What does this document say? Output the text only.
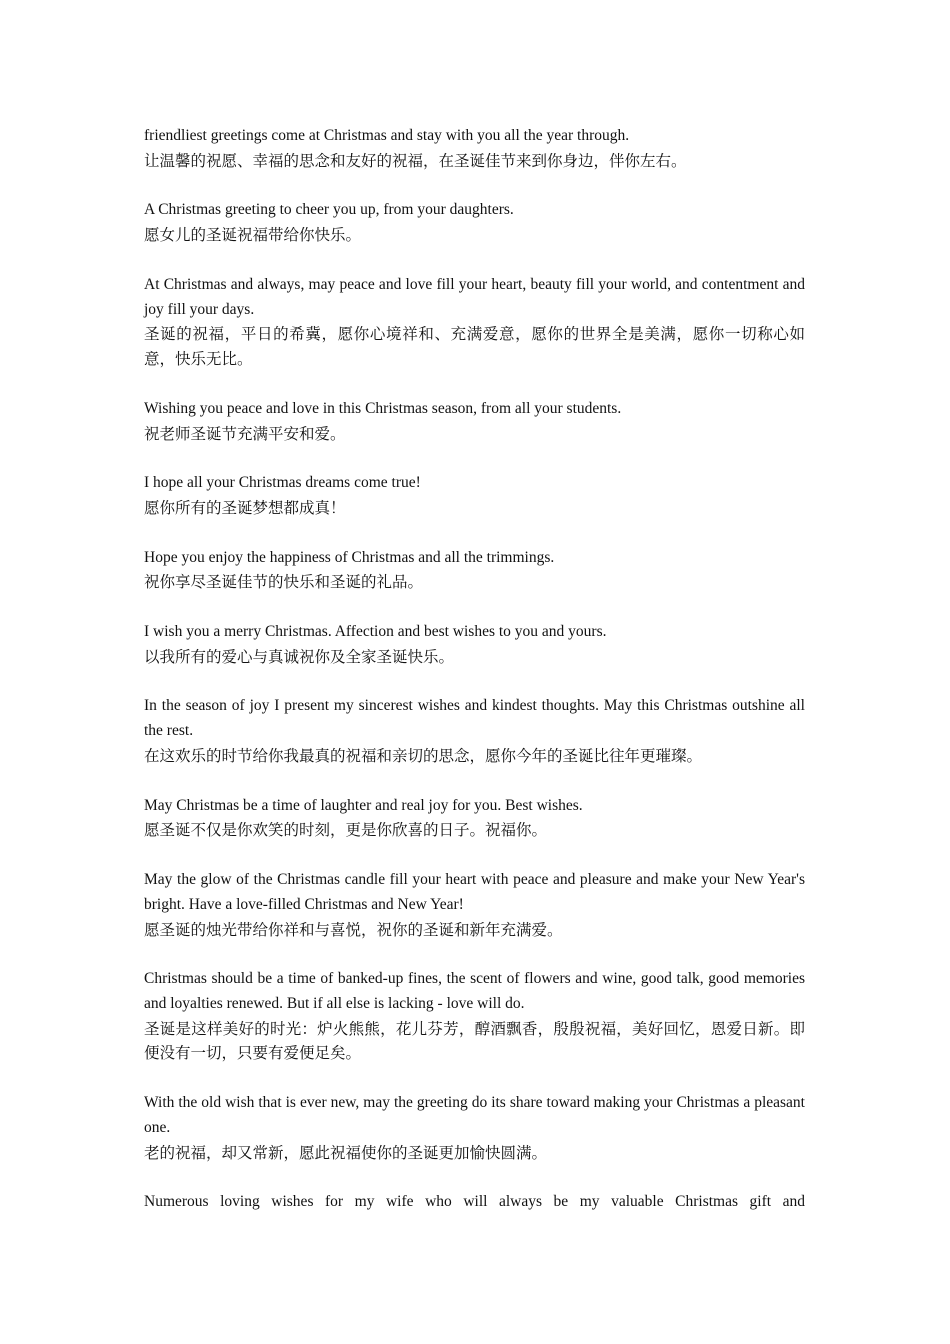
friendliest greetings come at Christmas and stay with you all the year through.

让温馨的祝愿、幸福的思念和友好的祝福，在圣诞佳节来到你身边，伴你左右。

A Christmas greeting to cheer you up, from your daughters.

愿女儿的圣诞祝福带给你快乐。

At Christmas and always, may peace and love fill your heart, beauty fill your world, and contentment and joy fill your days.

圣诞的祝福，平日的希冀，愿你心境祥和、充满爱意，愿你的世界全是美满，愿你一切称心如意，快乐无比。

Wishing you peace and love in this Christmas season, from all your students.

祝老师圣诞节充满平安和爱。

I hope all your Christmas dreams come true!

愿你所有的圣诞梦想都成真！

Hope you enjoy the happiness of Christmas and all the trimmings.

祝你享尽圣诞佳节的快乐和圣诞的礼品。

I wish you a merry Christmas. Affection and best wishes to you and yours.

以我所有的爱心与真诚祝你及全家圣诞快乐。

In the season of joy I present my sincerest wishes and kindest thoughts. May this Christmas outshine all the rest.

在这欢乐的时节给你我最真的祝福和亲切的思念，愿你今年的圣诞比往年更璀璨。

May Christmas be a time of laughter and real joy for you. Best wishes.

愿圣诞不仅是你欢笑的时刻，更是你欣喜的日子。祝福你。

May the glow of the Christmas candle fill your heart with peace and pleasure and make your New Year's bright. Have a love-filled Christmas and New Year!

愿圣诞的烛光带给你祥和与喜悦，祝你的圣诞和新年充满爱。

Christmas should be a time of banked-up fines, the scent of flowers and wine, good talk, good memories and loyalties renewed. But if all else is lacking - love will do.

圣诞是这样美好的时光：炉火熊熊，花儿芬芳，醇酒飘香，殷殷祝福，美好回忆，恩爱日新。即便没有一切，只要有爱便足矣。

With the old wish that is ever new, may the greeting do its share toward making your Christmas a pleasant one.

老的祝福，却又常新，愿此祝福使你的圣诞更加愉快圆满。

Numerous loving wishes for my wife who will always be my valuable Christmas gift and
